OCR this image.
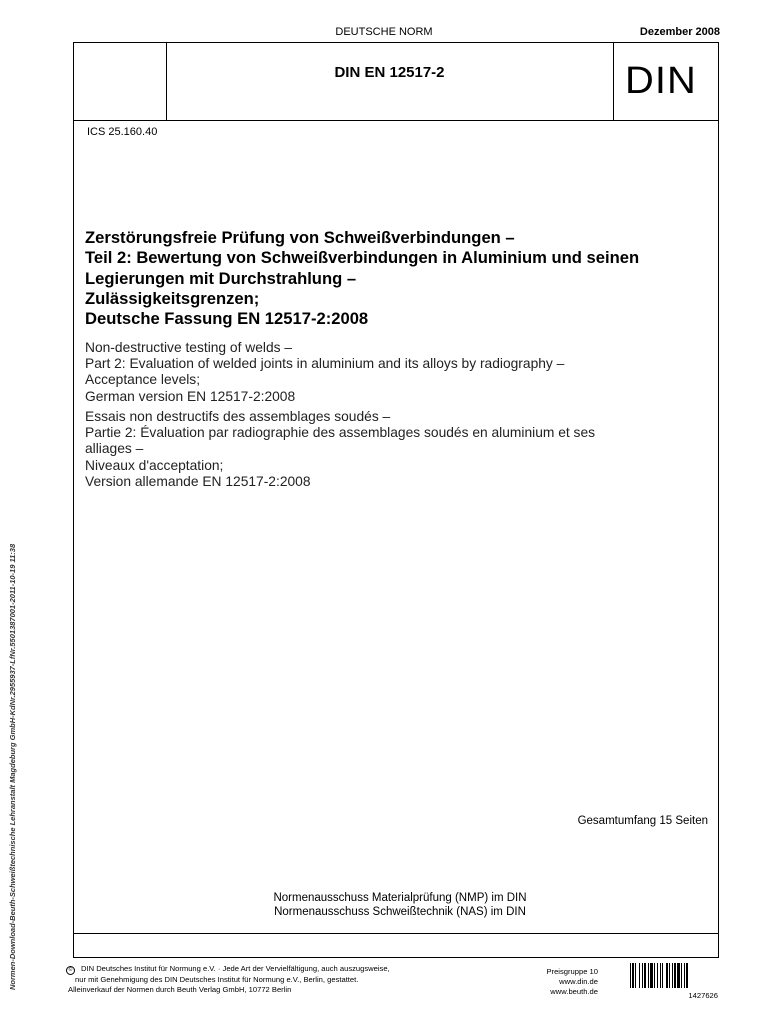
DEUTSCHE NORM	Dezember 2008
DIN EN 12517-2	DIN
ICS 25.160.40
Zerstörungsfreie Prüfung von Schweißverbindungen –
Teil 2: Bewertung von Schweißverbindungen in Aluminium und seinen
Legierungen mit Durchstrahlung –
Zulässigkeitsgrenzen;
Deutsche Fassung EN 12517-2:2008
Non-destructive testing of welds –
Part 2: Evaluation of welded joints in aluminium and its alloys by radiography –
Acceptance levels;
German version EN 12517-2:2008
Essais non destructifs des assemblages soudés –
Partie 2: Évaluation par radiographie des assemblages soudés en aluminium et ses
alliages –
Niveaux d'acceptation;
Version allemande EN 12517-2:2008
Gesamtumfang 15 Seiten
Normenausschuss Materialprüfung (NMP) im DIN
Normenausschuss Schweißtechnik (NAS) im DIN
Normen-Download-Beuth-Schweißtechnische Lehranstalt Magdeburg GmbH-KdNr.2955937-LfNr.5501387001-2011-10-19 11:38	© DIN Deutsches Institut für Normung e.V. · Jede Art der Vervielfältigung, auch auszugsweise,
nur mit Genehmigung des DIN Deutsches Institut für Normung e.V., Berlin, gestattet.
Alleinverkauf der Normen durch Beuth Verlag GmbH, 10772 Berlin
Preisgruppe 10
www.din.de
www.beuth.de	1427626
